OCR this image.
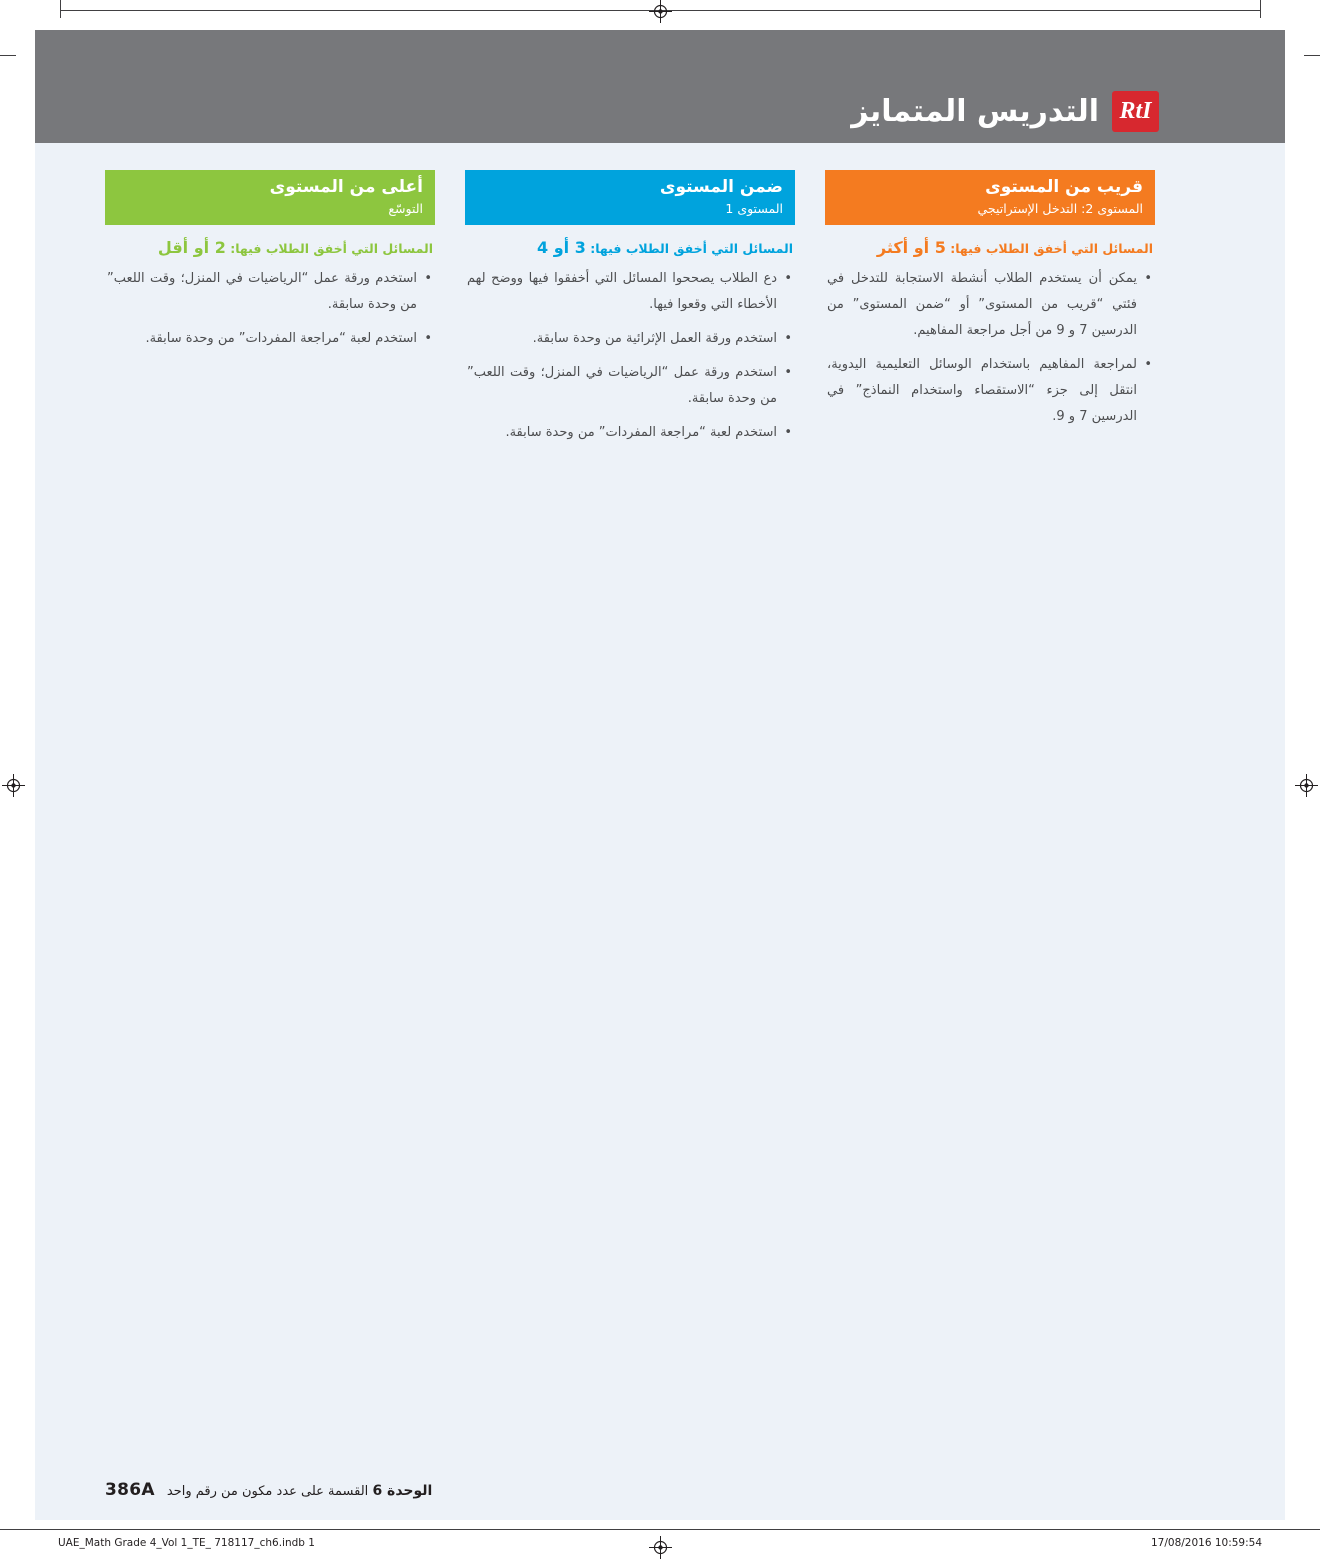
RtI
التدريس المتمايز
قريب من المستوى
المستوى 2: التدخل الإستراتيجي

المسائل التي أخفق الطلاب فيها: 5 أو أكثر

• يمكن أن يستخدم الطلاب أنشطة الاستجابة للتدخل في فئتي “قريب من المستوى” أو “ضمن المستوى” من الدرسين 7 و 9 من أجل مراجعة المفاهيم.
• لمراجعة المفاهيم باستخدام الوسائل التعليمية اليدوية، انتقل إلى جزء “الاستقصاء واستخدام النماذج” في الدرسين 7 و 9.
ضمن المستوى
المستوى 1

المسائل التي أخفق الطلاب فيها: 3 أو 4

• دع الطلاب يصححوا المسائل التي أخفقوا فيها ووضح لهم الأخطاء التي وقعوا فيها.
• استخدم ورقة العمل الإثرائية من وحدة سابقة.
• استخدم ورقة عمل “الرياضيات في المنزل؛ وقت اللعب” من وحدة سابقة.
• استخدم لعبة “مراجعة المفردات” من وحدة سابقة.
أعلى من المستوى
التوسّع

المسائل التي أخفق الطلاب فيها: 2 أو أقل

• استخدم ورقة عمل “الرياضيات في المنزل؛ وقت اللعب” من وحدة سابقة.
• استخدم لعبة “مراجعة المفردات” من وحدة سابقة.
386A	الوحدة 6 القسمة على عدد مكون من رقم واحد
UAE_Math Grade 4_Vol 1_TE_ 718117_ch6.indb 1	17/08/2016 10:59:54
